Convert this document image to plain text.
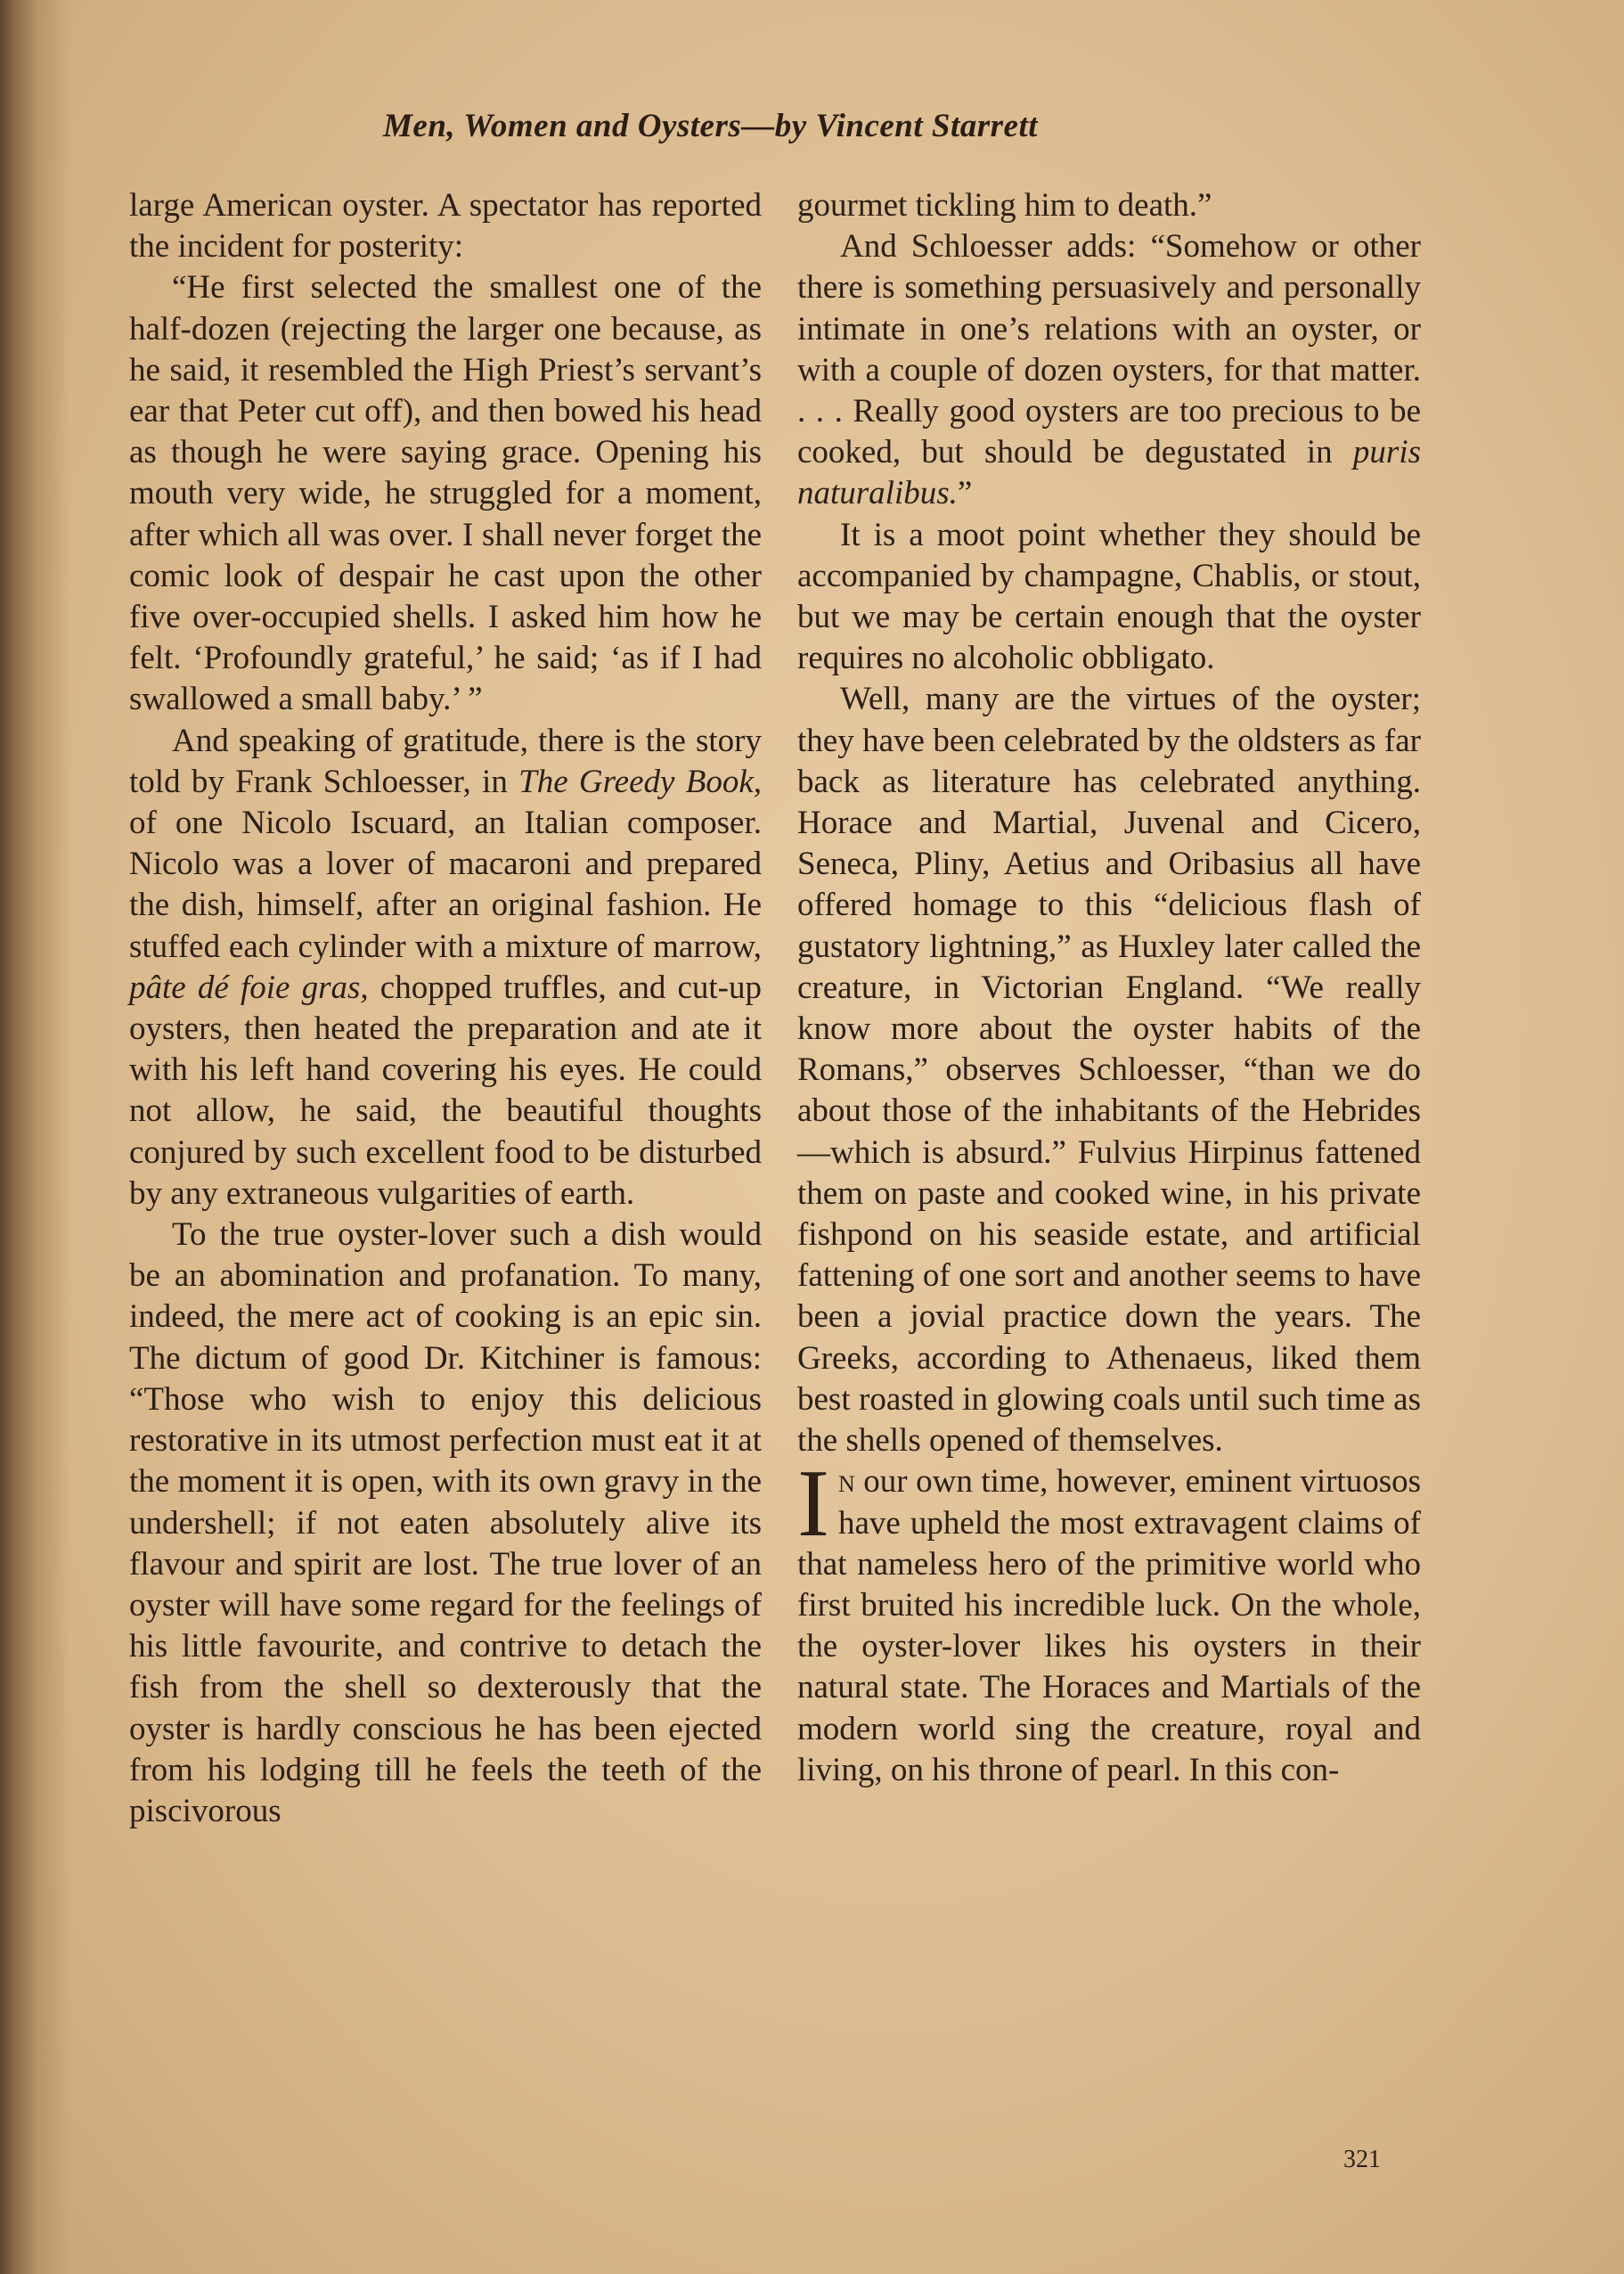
Men, Women and Oysters—by Vincent Starrett

large American oyster. A spectator has reported the incident for posterity:

“He first selected the smallest one of the half-dozen (rejecting the larger one because, as he said, it resembled the High Priest’s servant’s ear that Peter cut off), and then bowed his head as though he were saying grace. Opening his mouth very wide, he struggled for a moment, after which all was over. I shall never forget the comic look of despair he cast upon the other five over-occupied shells. I asked him how he felt. ‘Profoundly grateful,’ he said; ‘as if I had swallowed a small baby.’ ”

And speaking of gratitude, there is the story told by Frank Schloesser, in The Greedy Book, of one Nicolo Iscuard, an Italian composer. Nicolo was a lover of macaroni and prepared the dish, himself, after an original fashion. He stuffed each cylinder with a mixture of marrow, pâte dé foie gras, chopped truffles, and cut-up oysters, then heated the preparation and ate it with his left hand covering his eyes. He could not allow, he said, the beautiful thoughts conjured by such excellent food to be disturbed by any extraneous vulgarities of earth.

To the true oyster-lover such a dish would be an abomination and profanation. To many, indeed, the mere act of cooking is an epic sin. The dictum of good Dr. Kitchiner is famous: “Those who wish to enjoy this delicious restorative in its utmost perfection must eat it at the moment it is open, with its own gravy in the undershell; if not eaten absolutely alive its flavour and spirit are lost. The true lover of an oyster will have some regard for the feelings of his little favourite, and contrive to detach the fish from the shell so dexterously that the oyster is hardly conscious he has been ejected from his lodging till he feels the teeth of the piscivorous

gourmet tickling him to death.”

And Schloesser adds: “Somehow or other there is something persuasively and personally intimate in one’s relations with an oyster, or with a couple of dozen oysters, for that matter. . . . Really good oysters are too precious to be cooked, but should be degustated in puris naturalibus.”

It is a moot point whether they should be accompanied by champagne, Chablis, or stout, but we may be certain enough that the oyster requires no alcoholic obbligato.

Well, many are the virtues of the oyster; they have been celebrated by the oldsters as far back as literature has celebrated anything. Horace and Martial, Juvenal and Cicero, Seneca, Pliny, Aetius and Oribasius all have offered homage to this “delicious flash of gustatory lightning,” as Huxley later called the creature, in Victorian England. “We really know more about the oyster habits of the Romans,” observes Schloesser, “than we do about those of the inhabitants of the Hebrides—which is absurd.” Fulvius Hirpinus fattened them on paste and cooked wine, in his private fishpond on his seaside estate, and artificial fattening of one sort and another seems to have been a jovial practice down the years. The Greeks, according to Athenaeus, liked them best roasted in glowing coals until such time as the shells opened of themselves.

In our own time, however, eminent virtuosos have upheld the most extravagent claims of that nameless hero of the primitive world who first bruited his incredible luck. On the whole, the oyster-lover likes his oysters in their natural state. The Horaces and Martials of the modern world sing the creature, royal and living, on his throne of pearl. In this con-

321
